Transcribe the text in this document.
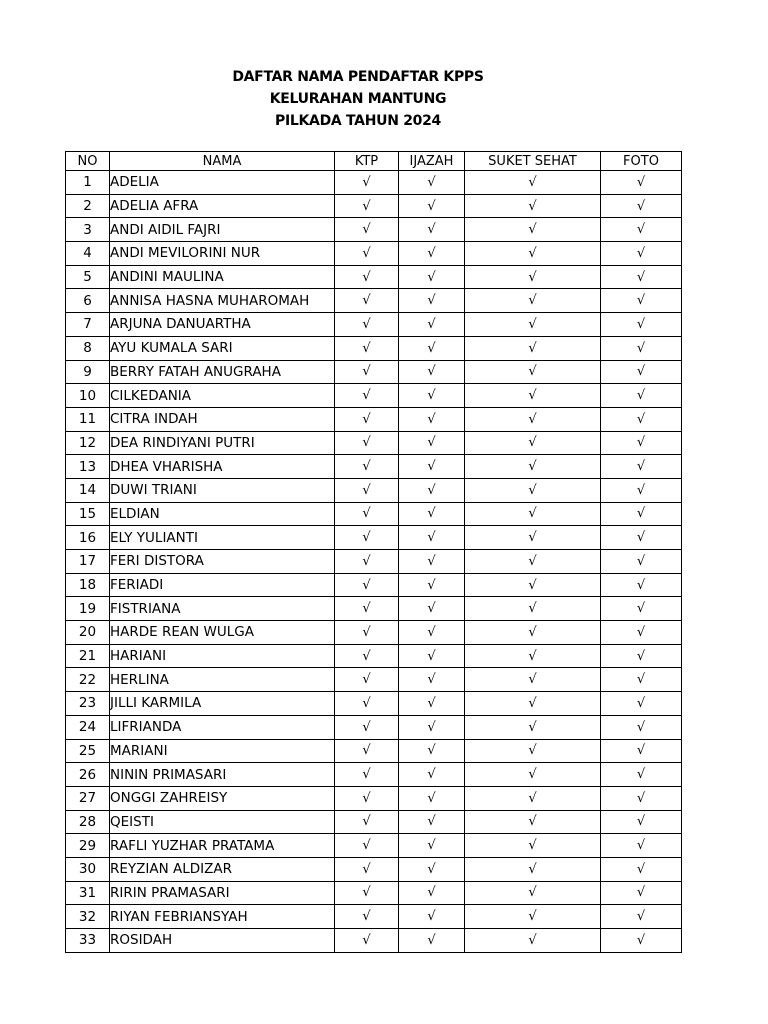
DAFTAR NAMA PENDAFTAR KPPS
KELURAHAN MANTUNG
PILKADA TAHUN 2024
NO	NAMA	KTP	IJAZAH	SUKET SEHAT	FOTO
1	ADELIA	√	√	√	√
2	ADELIA AFRA	√	√	√	√
3	ANDI AIDIL FAJRI	√	√	√	√
4	ANDI MEVILORINI NUR	√	√	√	√
5	ANDINI MAULINA	√	√	√	√
6	ANNISA HASNA MUHAROMAH	√	√	√	√
7	ARJUNA DANUARTHA	√	√	√	√
8	AYU KUMALA SARI	√	√	√	√
9	BERRY FATAH ANUGRAHA	√	√	√	√
10	CILKEDANIA	√	√	√	√
11	CITRA INDAH	√	√	√	√
12	DEA RINDIYANI PUTRI	√	√	√	√
13	DHEA VHARISHA	√	√	√	√
14	DUWI TRIANI	√	√	√	√
15	ELDIAN	√	√	√	√
16	ELY YULIANTI	√	√	√	√
17	FERI DISTORA	√	√	√	√
18	FERIADI	√	√	√	√
19	FISTRIANA	√	√	√	√
20	HARDE REAN WULGA	√	√	√	√
21	HARIANI	√	√	√	√
22	HERLINA	√	√	√	√
23	JILLI KARMILA	√	√	√	√
24	LIFRIANDA	√	√	√	√
25	MARIANI	√	√	√	√
26	NININ PRIMASARI	√	√	√	√
27	ONGGI ZAHREISY	√	√	√	√
28	QEISTI	√	√	√	√
29	RAFLI YUZHAR PRATAMA	√	√	√	√
30	REYZIAN ALDIZAR	√	√	√	√
31	RIRIN PRAMASARI	√	√	√	√
32	RIYAN FEBRIANSYAH	√	√	√	√
33	ROSIDAH	√	√	√	√
